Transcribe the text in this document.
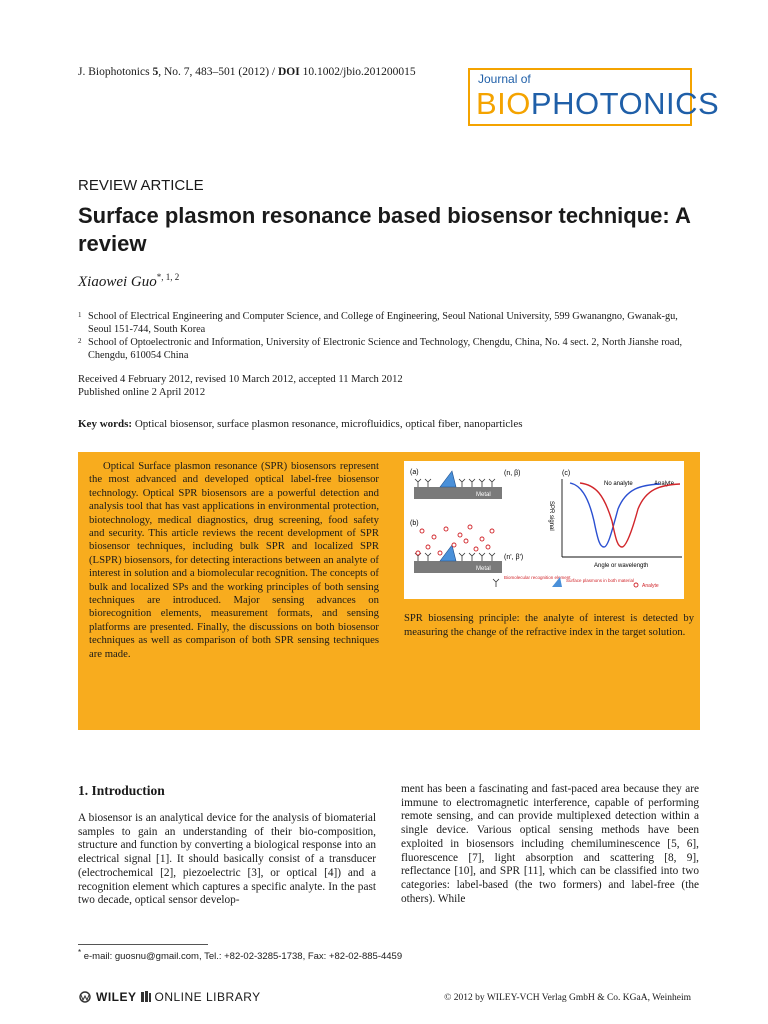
J. Biophotonics 5, No. 7, 483–501 (2012) / DOI 10.1002/jbio.201200015	Journal of
BIOPHOTONICS
REVIEW ARTICLE
Surface plasmon resonance based biosensor technique: A review
Xiaowei Guo$^{*, 1, 2}$
1 School of Electrical Engineering and Computer Science, and College of Engineering, Seoul National University, 599 Gwanangno, Gwanak-gu, Seoul 151-744, South Korea
2 School of Optoelectronic and Information, University of Electronic Science and Technology, Chengdu, China, No. 4 sect. 2, North Jianshe road, Chengdu, 610054 China
Received 4 February 2012, revised 10 March 2012, accepted 11 March 2012
Published online 2 April 2012
Key words: Optical biosensor, surface plasmon resonance, microfluidics, optical fiber, nanoparticles
Optical Surface plasmon resonance (SPR) biosensors represent the most advanced and developed optical label-free biosensor technology. Optical SPR biosensors are a powerful detection and analysis tool that has vast applications in environmental protection, biotechnology, medical diagnostics, drug screening, food safety and security. This article reviews the recent development of SPR biosensor techniques, including bulk SPR and localized SPR (LSPR) biosensors, for detecting interactions between an analyte of interest in solution and a biomolecular recognition. The concepts of bulk and localized SPs and the working principles of both sensing techniques are introduced. Major sensing advances on biorecognition elements, measurement formats, and sensing platforms are presented. Finally, the discussions on both biosensor techniques as well as comparison of both SPR sensing techniques are made.
(a)	(n, β)
Metal
(b)
(n', β')
Metal
Biomolecular recognition element
Surface plasmons in both material
Analyte
(c)
SPR signal
Angle or wavelength
No analyte	Analyte
SPR biosensing principle: the analyte of interest is detected by measuring the change of the refractive index in the target solution.
1. Introduction
A biosensor is an analytical device for the analysis of biomaterial samples to gain an understanding of their bio-composition, structure and function by converting a biological response into an electrical signal [1]. It should basically consist of a transducer (electrochemical [2], piezoelectric [3], or optical [4]) and a recognition element which captures a specific analyte. In the past two decade, optical sensor develop-
ment has been a fascinating and fast-paced area because they are immune to electromagnetic interference, capable of performing remote sensing, and can provide multiplexed detection within a single device. Various optical sensing methods have been exploited in biosensors including chemiluminescence [5, 6], fluorescence [7], light absorption and scattering [8, 9], reflectance [10], and SPR [11], which can be classified into two categories: label-based (the two formers) and label-free (the others). While
* e-mail: guosnu@gmail.com, Tel.: +82-02-3285-1738, Fax: +82-02-885-4459
WILEY ONLINE LIBRARY	© 2012 by WILEY-VCH Verlag GmbH & Co. KGaA, Weinheim
